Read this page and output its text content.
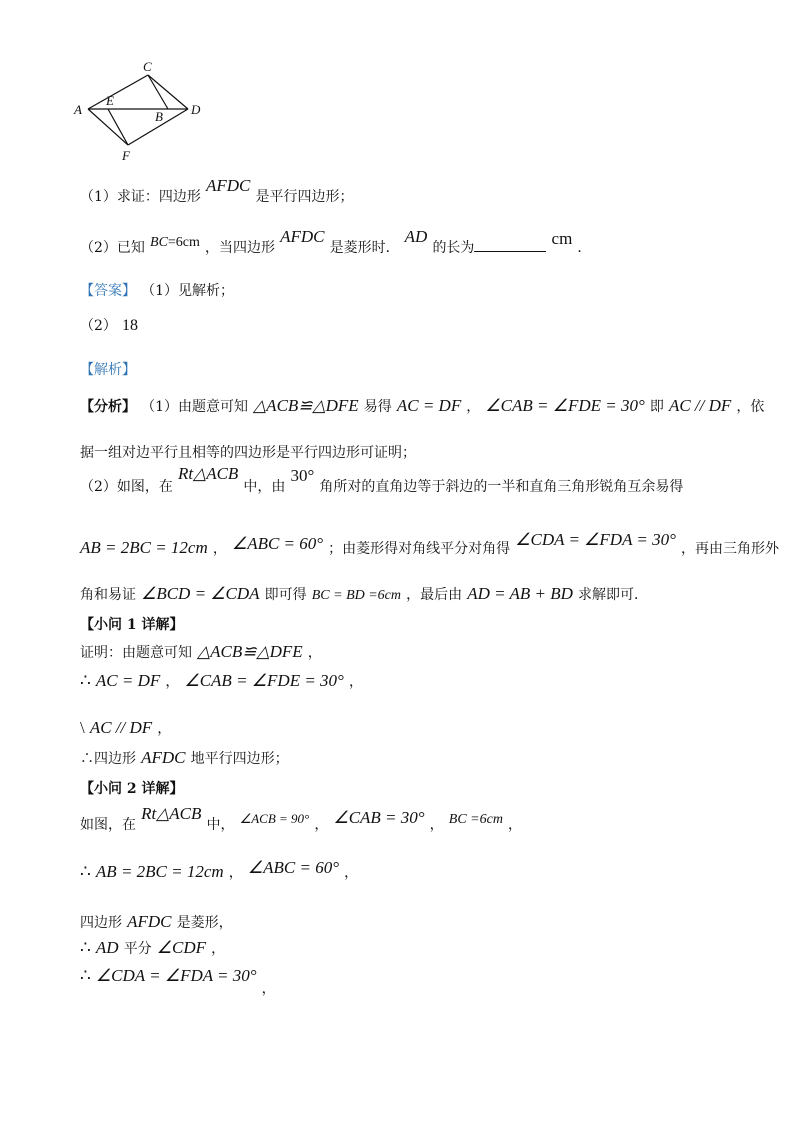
C
A
E
B D
F
（1）求证：四边形 AFDC 是平行四边形；
（2）已知 BC=6cm ，当四边形 AFDC 是菱形时． AD 的长为	cm ．
【答案】 （1）见解析；
（2） 18
【解析】
【分析】 （1）由题意可知 △ACB≌△DFE 易得 AC = DF ， ∠CAB = ∠FDE = 30° 即 AC // DF ，依
据一组对边平行且相等的四边形是平行四边形可证明；
（2）如图，在 Rt△ACB 中，由 30° 角所对的直角边等于斜边的一半和直角三角形锐角互余易得
AB = 2BC = 12cm ， ∠ABC = 60° ；由菱形得对角线平分对角得 ∠CDA = ∠FDA = 30° ，再由三角形外
角和易证 ∠BCD = ∠CDA 即可得 BC = BD =6cm ，最后由 AD = AB + BD 求解即可．
【小问 1 详解】
证明：由题意可知 △ACB≌△DFE ，
∴ AC = DF ， ∠CAB = ∠FDE = 30° ，
\ AC // DF ，
∴四边形 AFDC 地平行四边形；
【小问 2 详解】
如图，在 Rt△ACB 中， $^{\angle ACB = 90^\circ}$ ， ∠CAB = 30° ， BC =6cm ，
∴ AB = 2BC = 12cm ， ∠ABC = 60° ，
四边形 AFDC 是菱形，
∴ AD 平分 ∠CDF ，
∴ ∠CDA = ∠FDA = 30° ，
